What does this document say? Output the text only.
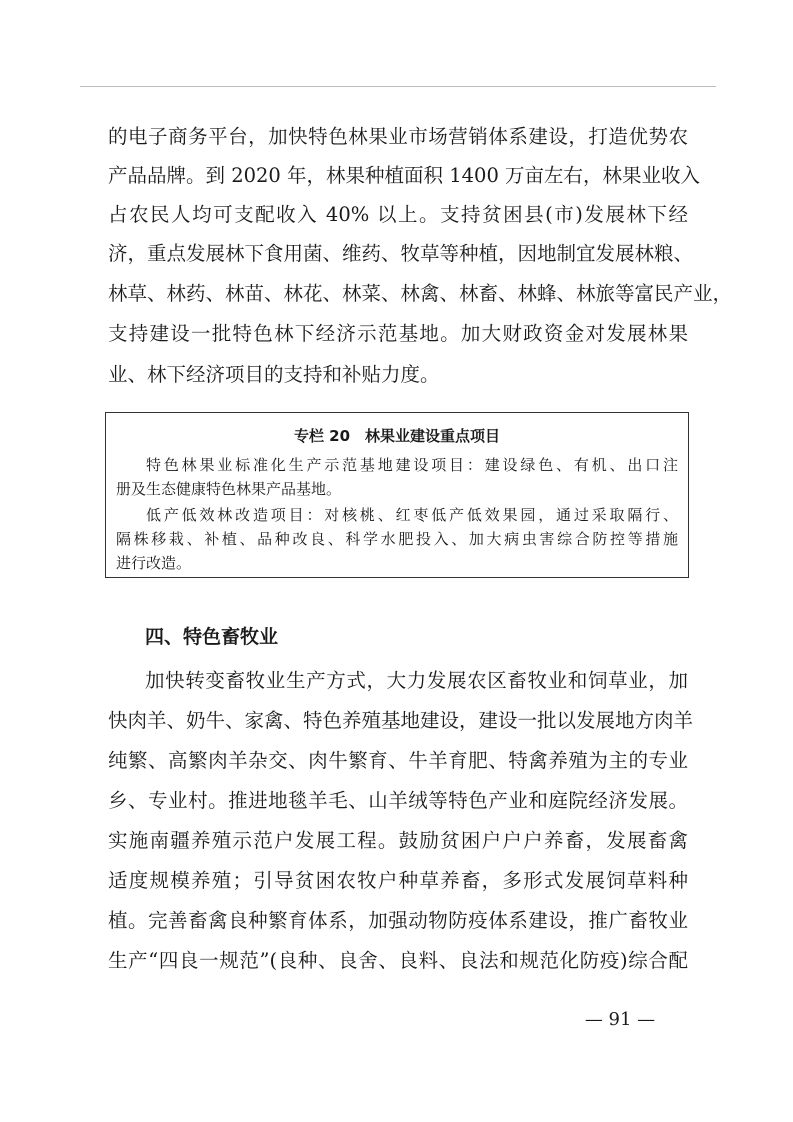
的电子商务平台，加快特色林果业市场营销体系建设，打造优势农
产品品牌。到 2020 年，林果种植面积 1400 万亩左右，林果业收入
占农民人均可支配收入 40% 以上。支持贫困县(市)发展林下经
济，重点发展林下食用菌、维药、牧草等种植，因地制宜发展林粮、
林草、林药、林苗、林花、林菜、林禽、林畜、林蜂、林旅等富民产业，
支持建设一批特色林下经济示范基地。加大财政资金对发展林果
业、林下经济项目的支持和补贴力度。
专栏 20　林果业建设重点项目
特色林果业标准化生产示范基地建设项目：建设绿色、有机、出口注
册及生态健康特色林果产品基地。
低产低效林改造项目：对核桃、红枣低产低效果园，通过采取隔行、
隔株移栽、补植、品种改良、科学水肥投入、加大病虫害综合防控等措施
进行改造。
四、特色畜牧业
加快转变畜牧业生产方式，大力发展农区畜牧业和饲草业，加
快肉羊、奶牛、家禽、特色养殖基地建设，建设一批以发展地方肉羊
纯繁、高繁肉羊杂交、肉牛繁育、牛羊育肥、特禽养殖为主的专业
乡、专业村。推进地毯羊毛、山羊绒等特色产业和庭院经济发展。
实施南疆养殖示范户发展工程。鼓励贫困户户户养畜，发展畜禽
适度规模养殖；引导贫困农牧户种草养畜，多形式发展饲草料种
植。完善畜禽良种繁育体系，加强动物防疫体系建设，推广畜牧业
生产“四良一规范”(良种、良舍、良料、良法和规范化防疫)综合配
— 91 —
